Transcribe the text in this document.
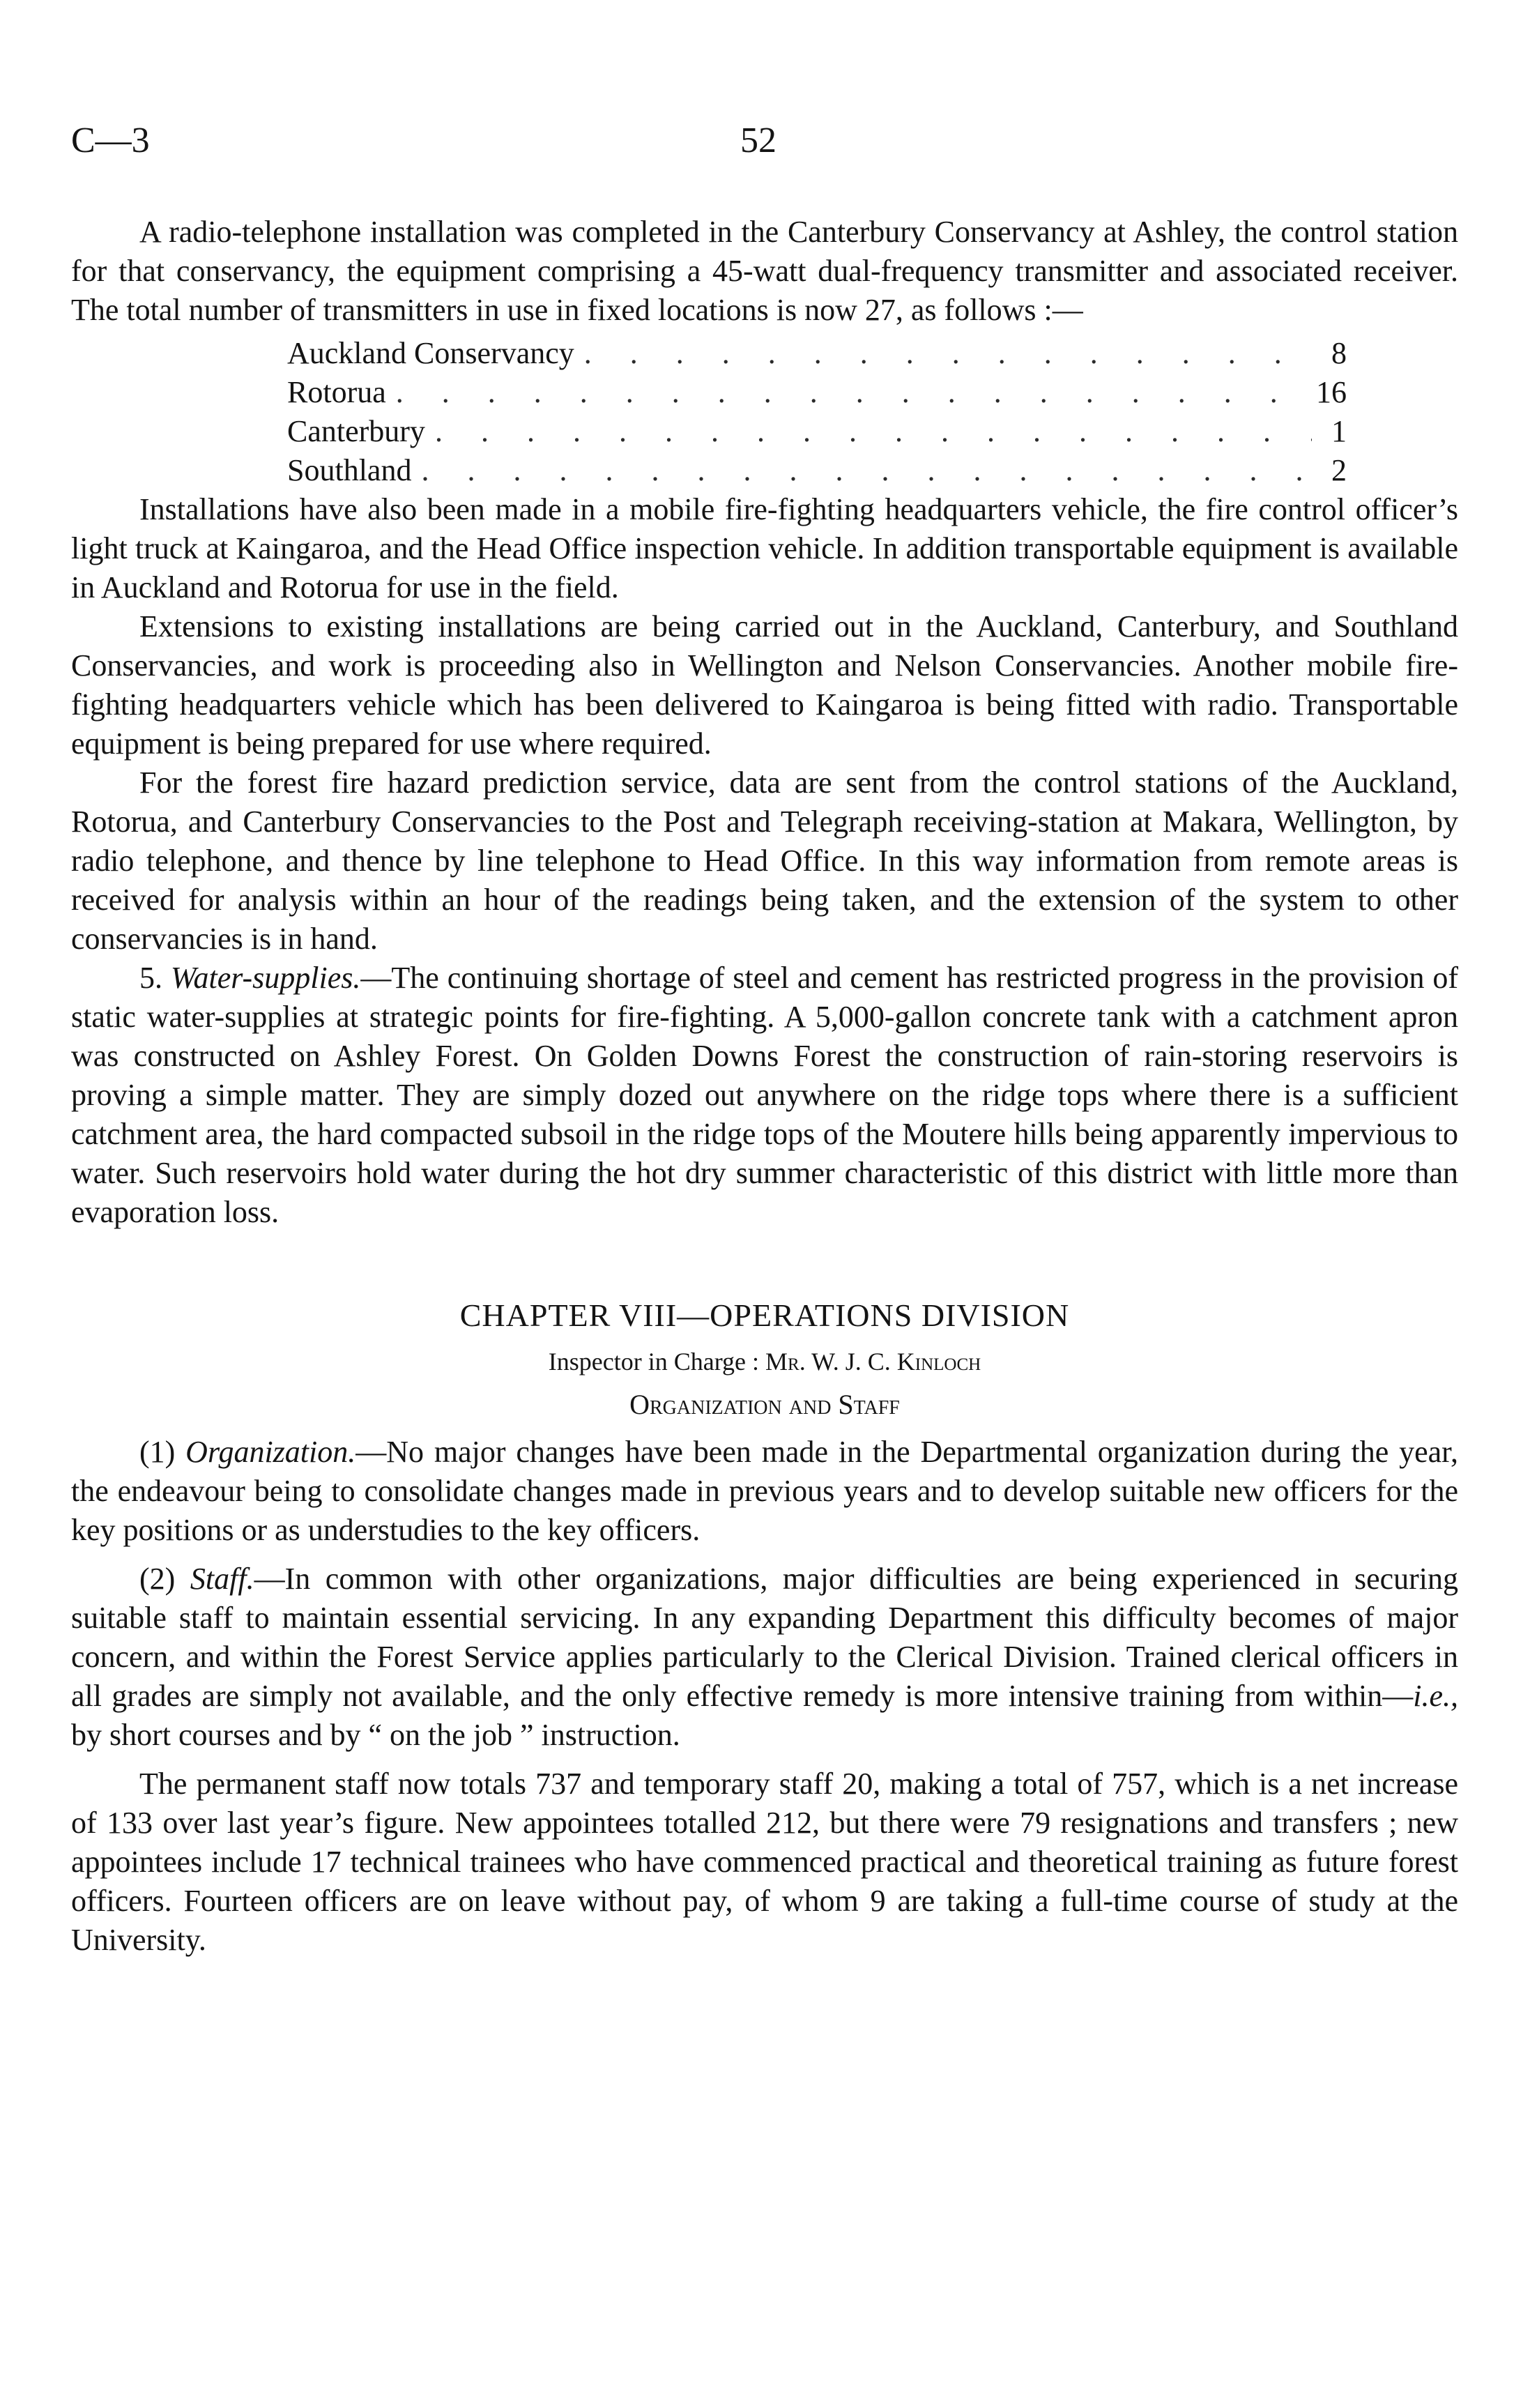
C—3	52

A radio-telephone installation was completed in the Canterbury Conservancy at Ashley, the control station for that conservancy, the equipment comprising a 45-watt dual-frequency transmitter and associated receiver. The total number of transmitters in use in fixed locations is now 27, as follows :—

Auckland Conservancy . . .	8
Rotorua . . .	16
Canterbury . . .	1
Southland . . .	2

Installations have also been made in a mobile fire-fighting headquarters vehicle, the fire control officer’s light truck at Kaingaroa, and the Head Office inspection vehicle. In addition transportable equipment is available in Auckland and Rotorua for use in the field.

Extensions to existing installations are being carried out in the Auckland, Canterbury, and Southland Conservancies, and work is proceeding also in Wellington and Nelson Conservancies. Another mobile fire-fighting headquarters vehicle which has been delivered to Kaingaroa is being fitted with radio. Transportable equipment is being prepared for use where required.

For the forest fire hazard prediction service, data are sent from the control stations of the Auckland, Rotorua, and Canterbury Conservancies to the Post and Telegraph receiving-station at Makara, Wellington, by radio telephone, and thence by line telephone to Head Office. In this way information from remote areas is received for analysis within an hour of the readings being taken, and the extension of the system to other conservancies is in hand.

5. Water-supplies.—The continuing shortage of steel and cement has restricted progress in the provision of static water-supplies at strategic points for fire-fighting. A 5,000-gallon concrete tank with a catchment apron was constructed on Ashley Forest. On Golden Downs Forest the construction of rain-storing reservoirs is proving a simple matter. They are simply dozed out anywhere on the ridge tops where there is a sufficient catchment area, the hard compacted subsoil in the ridge tops of the Moutere hills being apparently impervious to water. Such reservoirs hold water during the hot dry summer characteristic of this district with little more than evaporation loss.

CHAPTER VIII—OPERATIONS DIVISION
Inspector in Charge : Mr. W. J. C. Kinloch
Organization and Staff

(1) Organization.—No major changes have been made in the Departmental organization during the year, the endeavour being to consolidate changes made in previous years and to develop suitable new officers for the key positions or as understudies to the key officers.

(2) Staff.—In common with other organizations, major difficulties are being experienced in securing suitable staff to maintain essential servicing. In any expanding Department this difficulty becomes of major concern, and within the Forest Service applies particularly to the Clerical Division. Trained clerical officers in all grades are simply not available, and the only effective remedy is more intensive training from within—i.e., by short courses and by “ on the job ” instruction.

The permanent staff now totals 737 and temporary staff 20, making a total of 757, which is a net increase of 133 over last year’s figure. New appointees totalled 212, but there were 79 resignations and transfers ; new appointees include 17 technical trainees who have commenced practical and theoretical training as future forest officers. Fourteen officers are on leave without pay, of whom 9 are taking a full-time course of study at the University.
